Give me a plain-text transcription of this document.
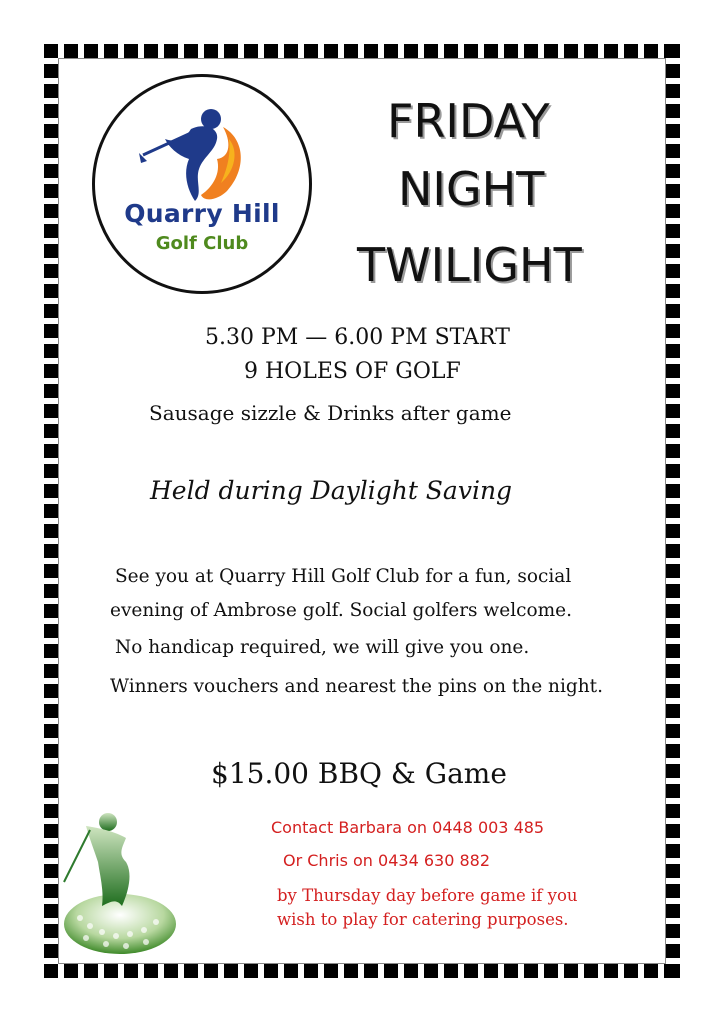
Quarry Hill
Golf Club
FRIDAY
NIGHT
TWILIGHT
5.30 PM — 6.00 PM START
9 HOLES OF GOLF
Sausage sizzle & Drinks after game
Held during Daylight Saving
See you at Quarry Hill Golf Club for a fun, social
evening of Ambrose golf. Social golfers welcome.
No handicap required, we will give you one.
Winners vouchers and nearest the pins on the night.
$15.00 BBQ & Game
Contact Barbara on 0448 003 485
Or Chris on 0434 630 882
by Thursday day before game if you
wish to play for catering purposes.
